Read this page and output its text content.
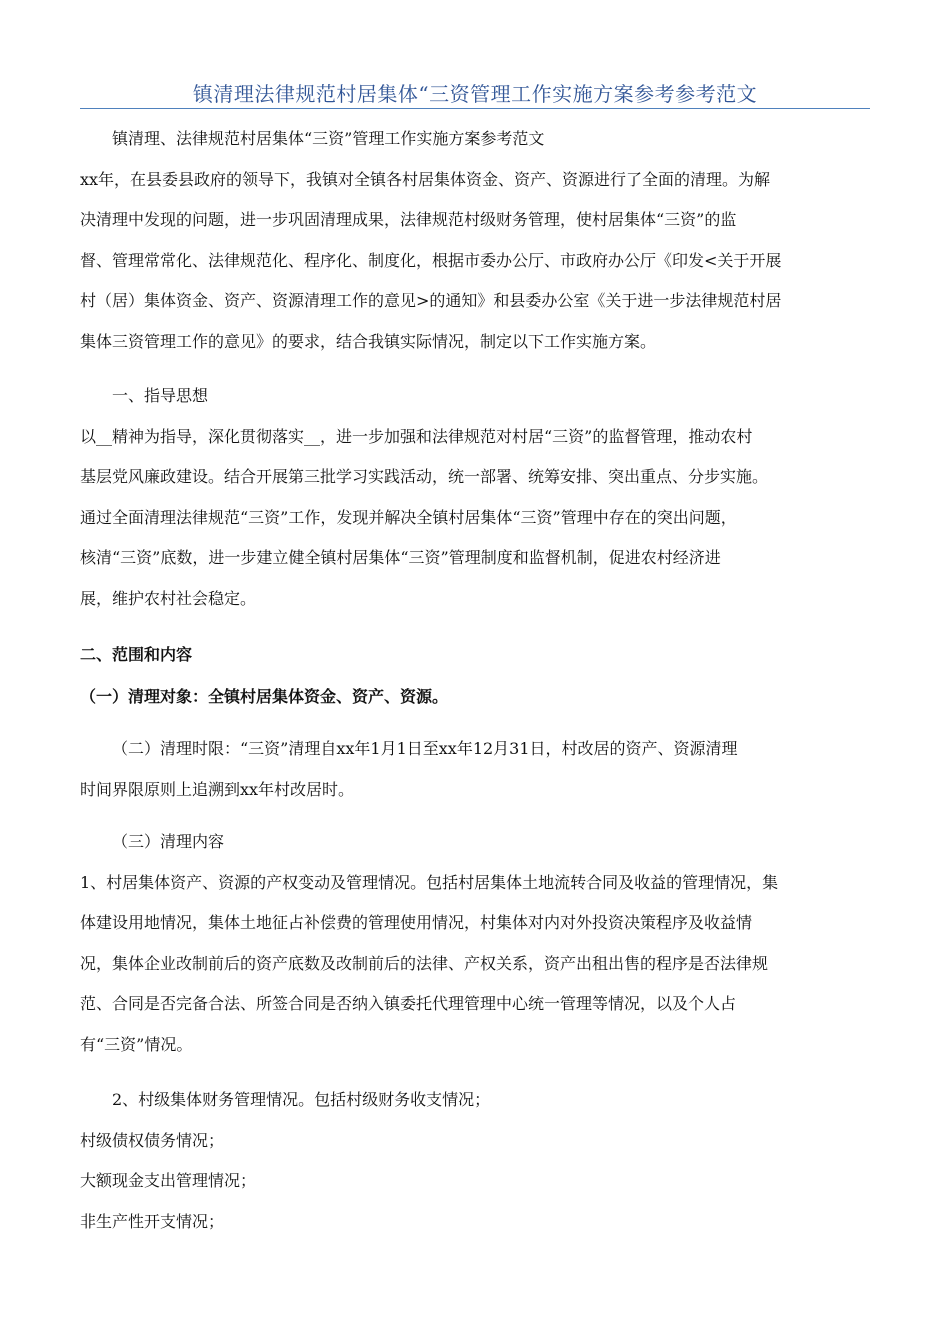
镇清理法律规范村居集体“三资管理工作实施方案参考参考范文
镇清理、法律规范村居集体“三资”管理工作实施方案参考范文
xx年，在县委县政府的领导下，我镇对全镇各村居集体资金、资产、资源进行了全面的清理。为解
决清理中发现的问题，进一步巩固清理成果，法律规范村级财务管理，使村居集体“三资”的监
督、管理常常化、法律规范化、程序化、制度化，根据市委办公厅、市政府办公厅《印发<关于开展
村（居）集体资金、资产、资源清理工作的意见>的通知》和县委办公室《关于进一步法律规范村居
集体三资管理工作的意见》的要求，结合我镇实际情况，制定以下工作实施方案。
一、指导思想
以__精神为指导，深化贯彻落实__，进一步加强和法律规范对村居“三资”的监督管理，推动农村
基层党风廉政建设。结合开展第三批学习实践活动，统一部署、统筹安排、突出重点、分步实施。
通过全面清理法律规范“三资”工作，发现并解决全镇村居集体“三资”管理中存在的突出问题，
核清“三资”底数，进一步建立健全镇村居集体“三资”管理制度和监督机制，促进农村经济进
展，维护农村社会稳定。
二、范围和内容
（一）清理对象：全镇村居集体资金、资产、资源。
（二）清理时限：“三资”清理自xx年1月1日至xx年12月31日，村改居的资产、资源清理
时间界限原则上追溯到xx年村改居时。
（三）清理内容
1、村居集体资产、资源的产权变动及管理情况。包括村居集体土地流转合同及收益的管理情况，集
体建设用地情况，集体土地征占补偿费的管理使用情况，村集体对内对外投资决策程序及收益情
况，集体企业改制前后的资产底数及改制前后的法律、产权关系，资产出租出售的程序是否法律规
范、合同是否完备合法、所签合同是否纳入镇委托代理管理中心统一管理等情况，以及个人占
有“三资”情况。
2、村级集体财务管理情况。包括村级财务收支情况；
村级债权债务情况；
大额现金支出管理情况；
非生产性开支情况；
